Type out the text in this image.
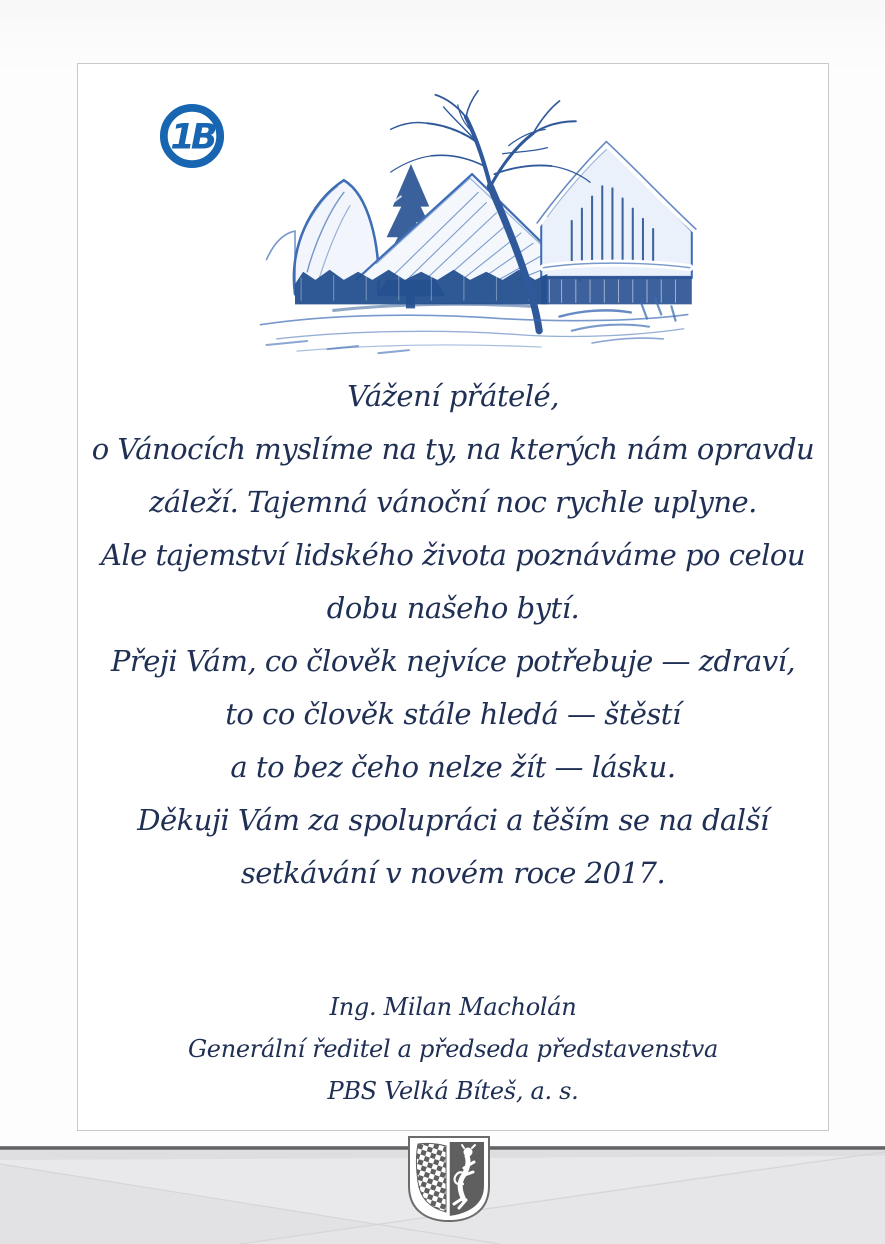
1B
Vážení přátelé,
o Vánocích myslíme na ty, na kterých nám opravdu
záleží. Tajemná vánoční noc rychle uplyne.
Ale tajemství lidského života poznáváme po celou
dobu našeho bytí.
Přeji Vám, co člověk nejvíce potřebuje — zdraví,
to co člověk stále hledá — štěstí
a to bez čeho nelze žít — lásku.
Děkuji Vám za spolupráci a těším se na další
setkávání v novém roce 2017.
Ing. Milan Macholán
Generální ředitel a předseda představenstva
PBS Velká Bíteš, a. s.
